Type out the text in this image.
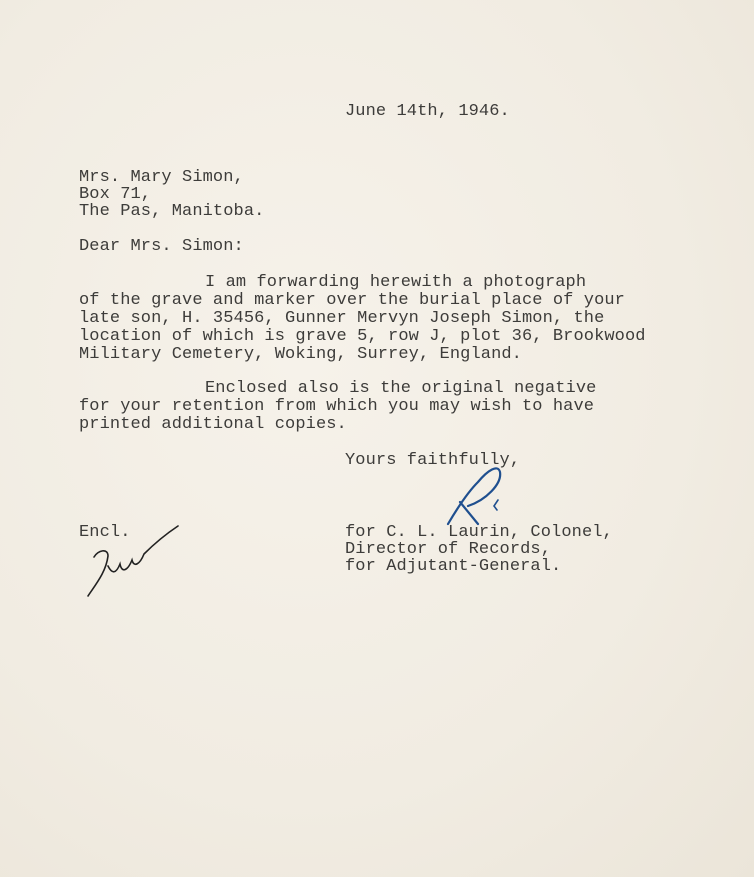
June 14th, 1946.
Mrs. Mary Simon,
Box 71,
The Pas, Manitoba.
Dear Mrs. Simon:
I am forwarding herewith a photograph
of the grave and marker over the burial place of your
late son, H. 35456, Gunner Mervyn Joseph Simon, the
location of which is grave 5, row J, plot 36, Brookwood
Military Cemetery, Woking, Surrey, England.
Enclosed also is the original negative
for your retention from which you may wish to have
printed additional copies.
Yours faithfully,
Encl.	for C. L. Laurin, Colonel,
Director of Records,
for Adjutant-General.
